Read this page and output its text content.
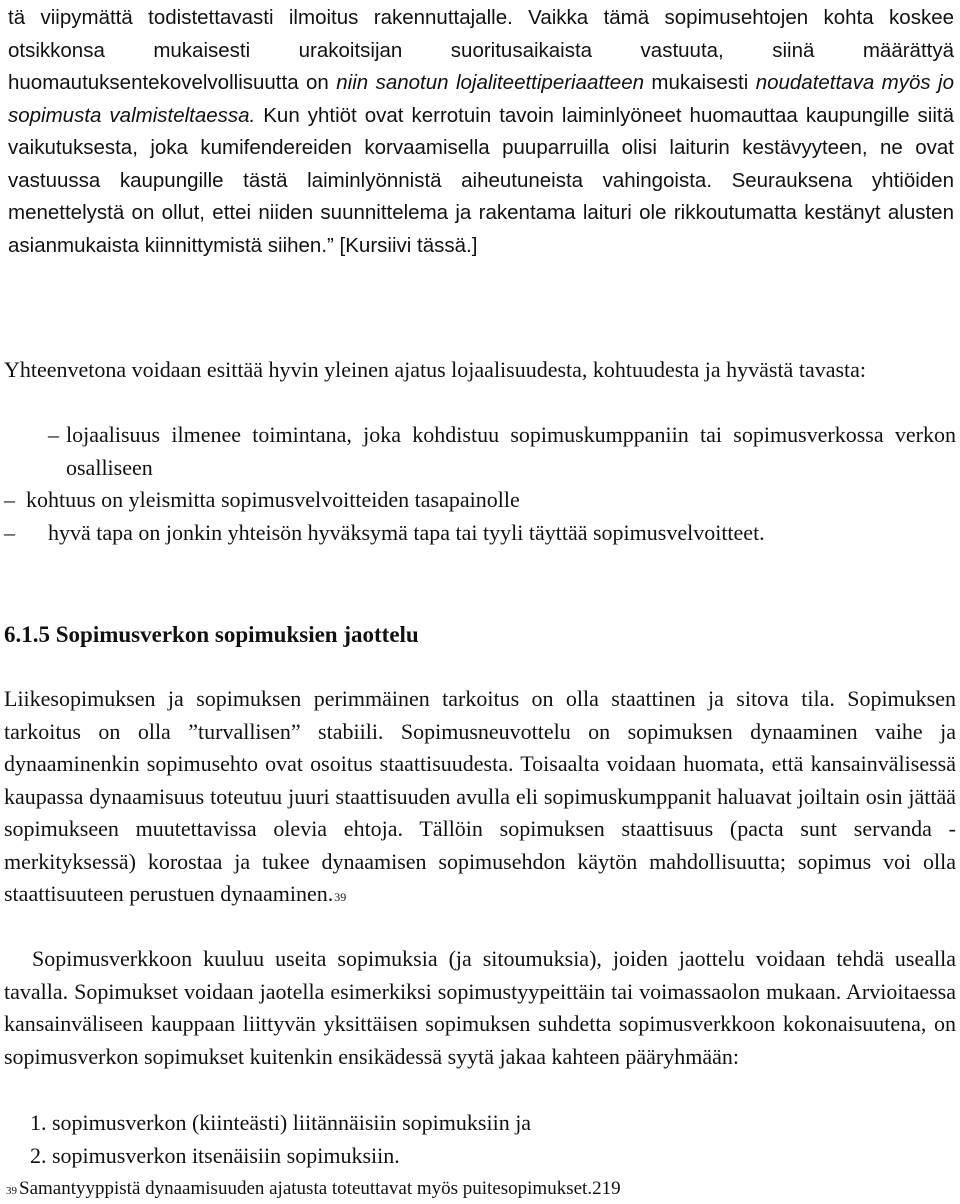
tä viipymättä todistettavasti ilmoitus rakennuttajalle. Vaikka tämä sopimusehtojen kohta koskee otsikkonsa mukaisesti urakoitsijan suoritusaikaista vastuuta, siinä määrättyä huomautuksentekovelvollisuutta on niin sanotun lojaliteettiperiaatteen mukaisesti noudatettava myös jo sopimusta valmisteltaessa. Kun yhtiöt ovat kerrotuin tavoin laiminlyöneet huomauttaa kaupungille siitä vaikutuksesta, joka kumifendereiden korvaamisella puuparruilla olisi laiturin kestävyyteen, ne ovat vastuussa kaupungille tästä laiminlyönnistä aiheutuneista vahingoista. Seurauksena yhtiöiden menettelystä on ollut, ettei niiden suunnittelema ja rakentama laituri ole rikkoutumatta kestänyt alusten asianmukaista kiinnittymistä siihen.” [Kursiivi tässä.]

Yhteenvetona voidaan esittää hyvin yleinen ajatus lojaalisuudesta, kohtuudesta ja hyvästä tavasta:

– lojaalisuus ilmenee toimintana, joka kohdistuu sopimuskumppaniin tai sopimusverkossa verkon osalliseen
– kohtuus on yleismitta sopimusvelvoitteiden tasapainolle
– hyvä tapa on jonkin yhteisön hyväksymä tapa tai tyyli täyttää sopimusvelvoitteet.
6.1.5 Sopimusverkon sopimuksien jaottelu

Liikesopimuksen ja sopimuksen perimmäinen tarkoitus on olla staattinen ja sitova tila. Sopimuksen tarkoitus on olla ”turvallisen” stabiili. Sopimusneuvottelu on sopimuksen dynaaminen vaihe ja dynaaminenkin sopimusehto ovat osoitus staattisuudesta. Toisaalta voidaan huomata, että kansainvälisessä kaupassa dynaamisuus toteutuu juuri staattisuuden avulla eli sopimuskumppanit haluavat joiltain osin jättää sopimukseen muutettavissa olevia ehtoja. Tällöin sopimuksen staattisuus (pacta sunt servanda -merkityksessä) korostaa ja tukee dynaamisen sopimusehdon käytön mahdollisuutta; sopimus voi olla staattisuuteen perustuen dynaaminen.39

Sopimusverkkoon kuuluu useita sopimuksia (ja sitoumuksia), joiden jaottelu voidaan tehdä usealla tavalla. Sopimukset voidaan jaotella esimerkiksi sopimustyypeittäin tai voimassaolon mukaan. Arvioitaessa kansainväliseen kauppaan liittyvän yksittäisen sopimuksen suhdetta sopimusverkkoon kokonaisuutena, on sopimusverkon sopimukset kuitenkin ensikädessä syytä jakaa kahteen pääryhmään:

1. sopimusverkon (kiinteästi) liitännäisiin sopimuksiin ja
2. sopimusverkon itsenäisiin sopimuksiin.

39 Samantyyppistä dynaamisuuden ajatusta toteuttavat myös puitesopimukset.219
